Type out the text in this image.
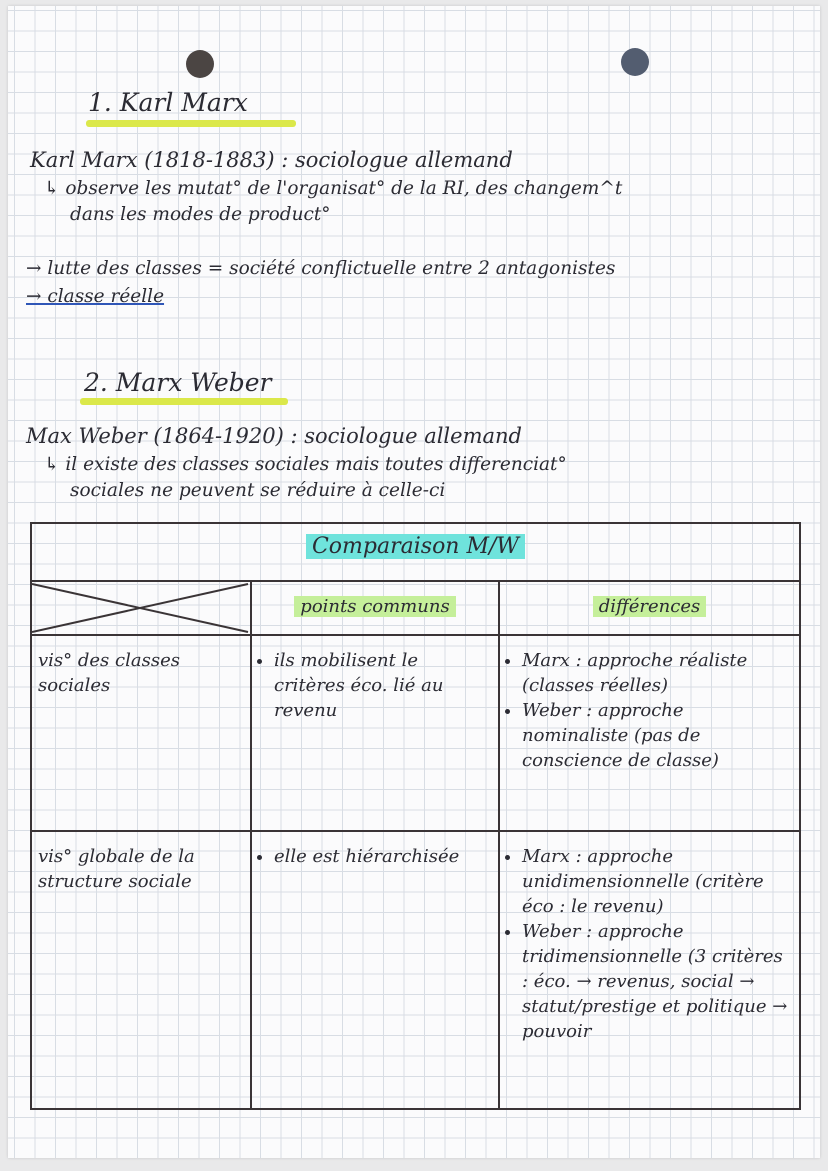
1. Karl Marx
Karl Marx (1818-1883) : sociologue allemand
↳ observe les mutat° de l'organisat° de la RI, des changem^t
dans les modes de product°
→ lutte des classes = société conflictuelle entre 2 antagonistes
→ classe réelle
2. Marx Weber
Max Weber (1864-1920) : sociologue allemand
↳ il existe des classes sociales mais toutes differenciat°
sociales ne peuvent se réduire à celle-ci
Comparaison M/W
points communs	différences
vis° des classes sociales
• ils mobilisent le critères éco. lié au revenu
• Marx : approche réaliste (classes réelles)
• Weber : approche nominaliste (pas de conscience de classe)
vis° globale de la structure sociale
• elle est hiérarchisée
•	Marx : approche unidimensionnelle (critère éco : le revenu)
• Weber : approche tridimensionnelle (3 critères : éco. → revenus, social → statut/prestige et politique → pouvoir
